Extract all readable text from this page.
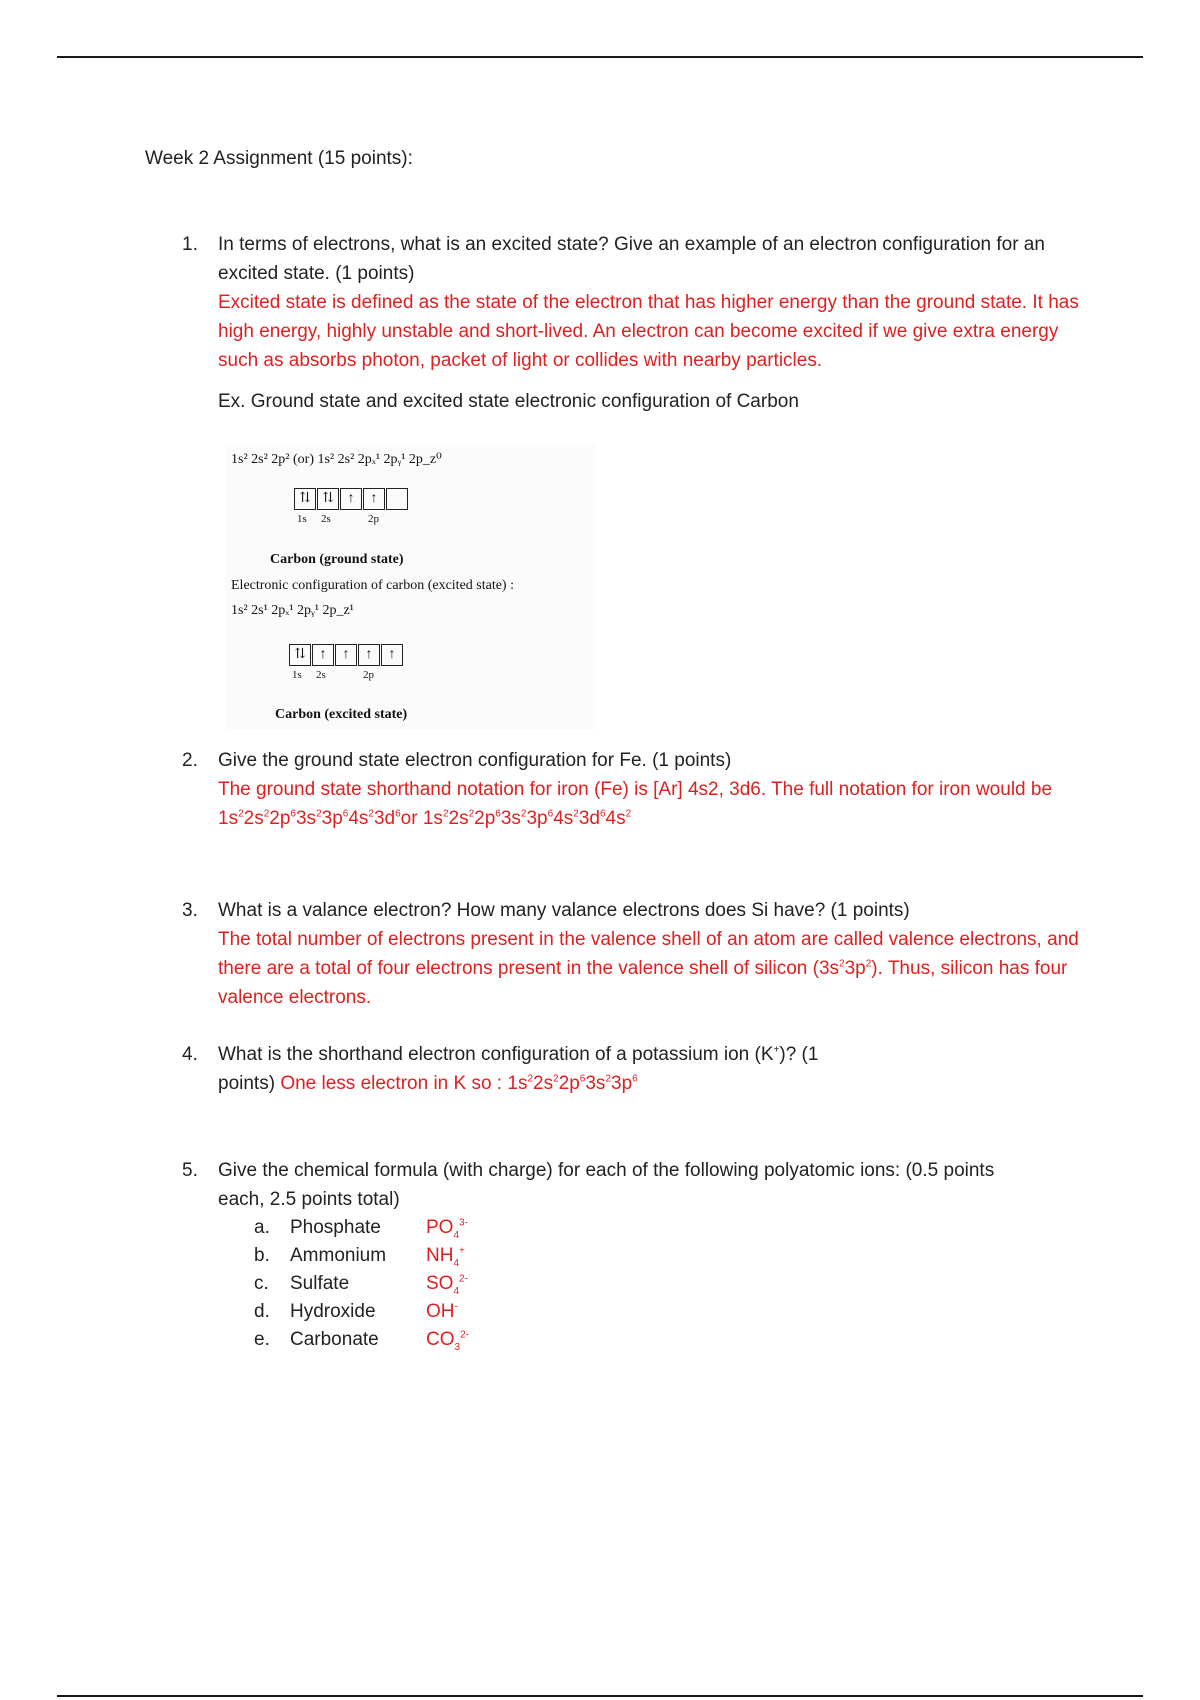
Week 2 Assignment (15 points):
1. In terms of electrons, what is an excited state? Give an example of an electron configuration for an excited state. (1 points)
Excited state is defined as the state of the electron that has higher energy than the ground state. It has high energy, highly unstable and short-lived. An electron can become excited if we give extra energy such as absorbs photon, packet of light or collides with nearby particles.
Ex. Ground state and excited state electronic configuration of Carbon
1s² 2s² 2p² (or) 1s² 2s² 2pₓ¹ 2pᵧ¹ 2p_z⁰
⇅ ⇅ ↑	↑
1s 2s	2p
Carbon (ground state)
Electronic configuration of carbon (excited state) :
1s² 2s¹ 2pₓ¹ 2pᵧ¹ 2p_z¹
⇅ ↑	↑	↑	↑
1s 2s	2p
Carbon (excited state)
2. Give the ground state electron configuration for Fe. (1 points)
The ground state shorthand notation for iron (Fe) is [Ar] 4s2, 3d6. The full notation for iron would be $1s^22s^22p^63s^23p^64s^23d^6or$ $1s^22s^22p^63s^23p^64s^23d^64s^2$
3. What is a valance electron? How many valance electrons does Si have? (1 points)
The total number of electrons present in the valence shell of an atom are called valence electrons, and there are a total of four electrons present in the valence shell of silicon $(3s^23p^2)$. Thus, silicon has four valence electrons.
4. What is the shorthand electron configuration of a potassium ion (K+)? (1 points) One less electron in K so : $1s^22s^22p^63s^23p^6$
5. Give the chemical formula (with charge) for each of the following polyatomic ions: (0.5 points each, 2.5 points total)
a. Phosphate $PO_4^{3-}$
b. Ammonium $NH_4^+$
c. Sulfate	$SO_4^{2-}$
d. Hydroxide	OH-
e. Carbonate $CO_3^{2-}$
